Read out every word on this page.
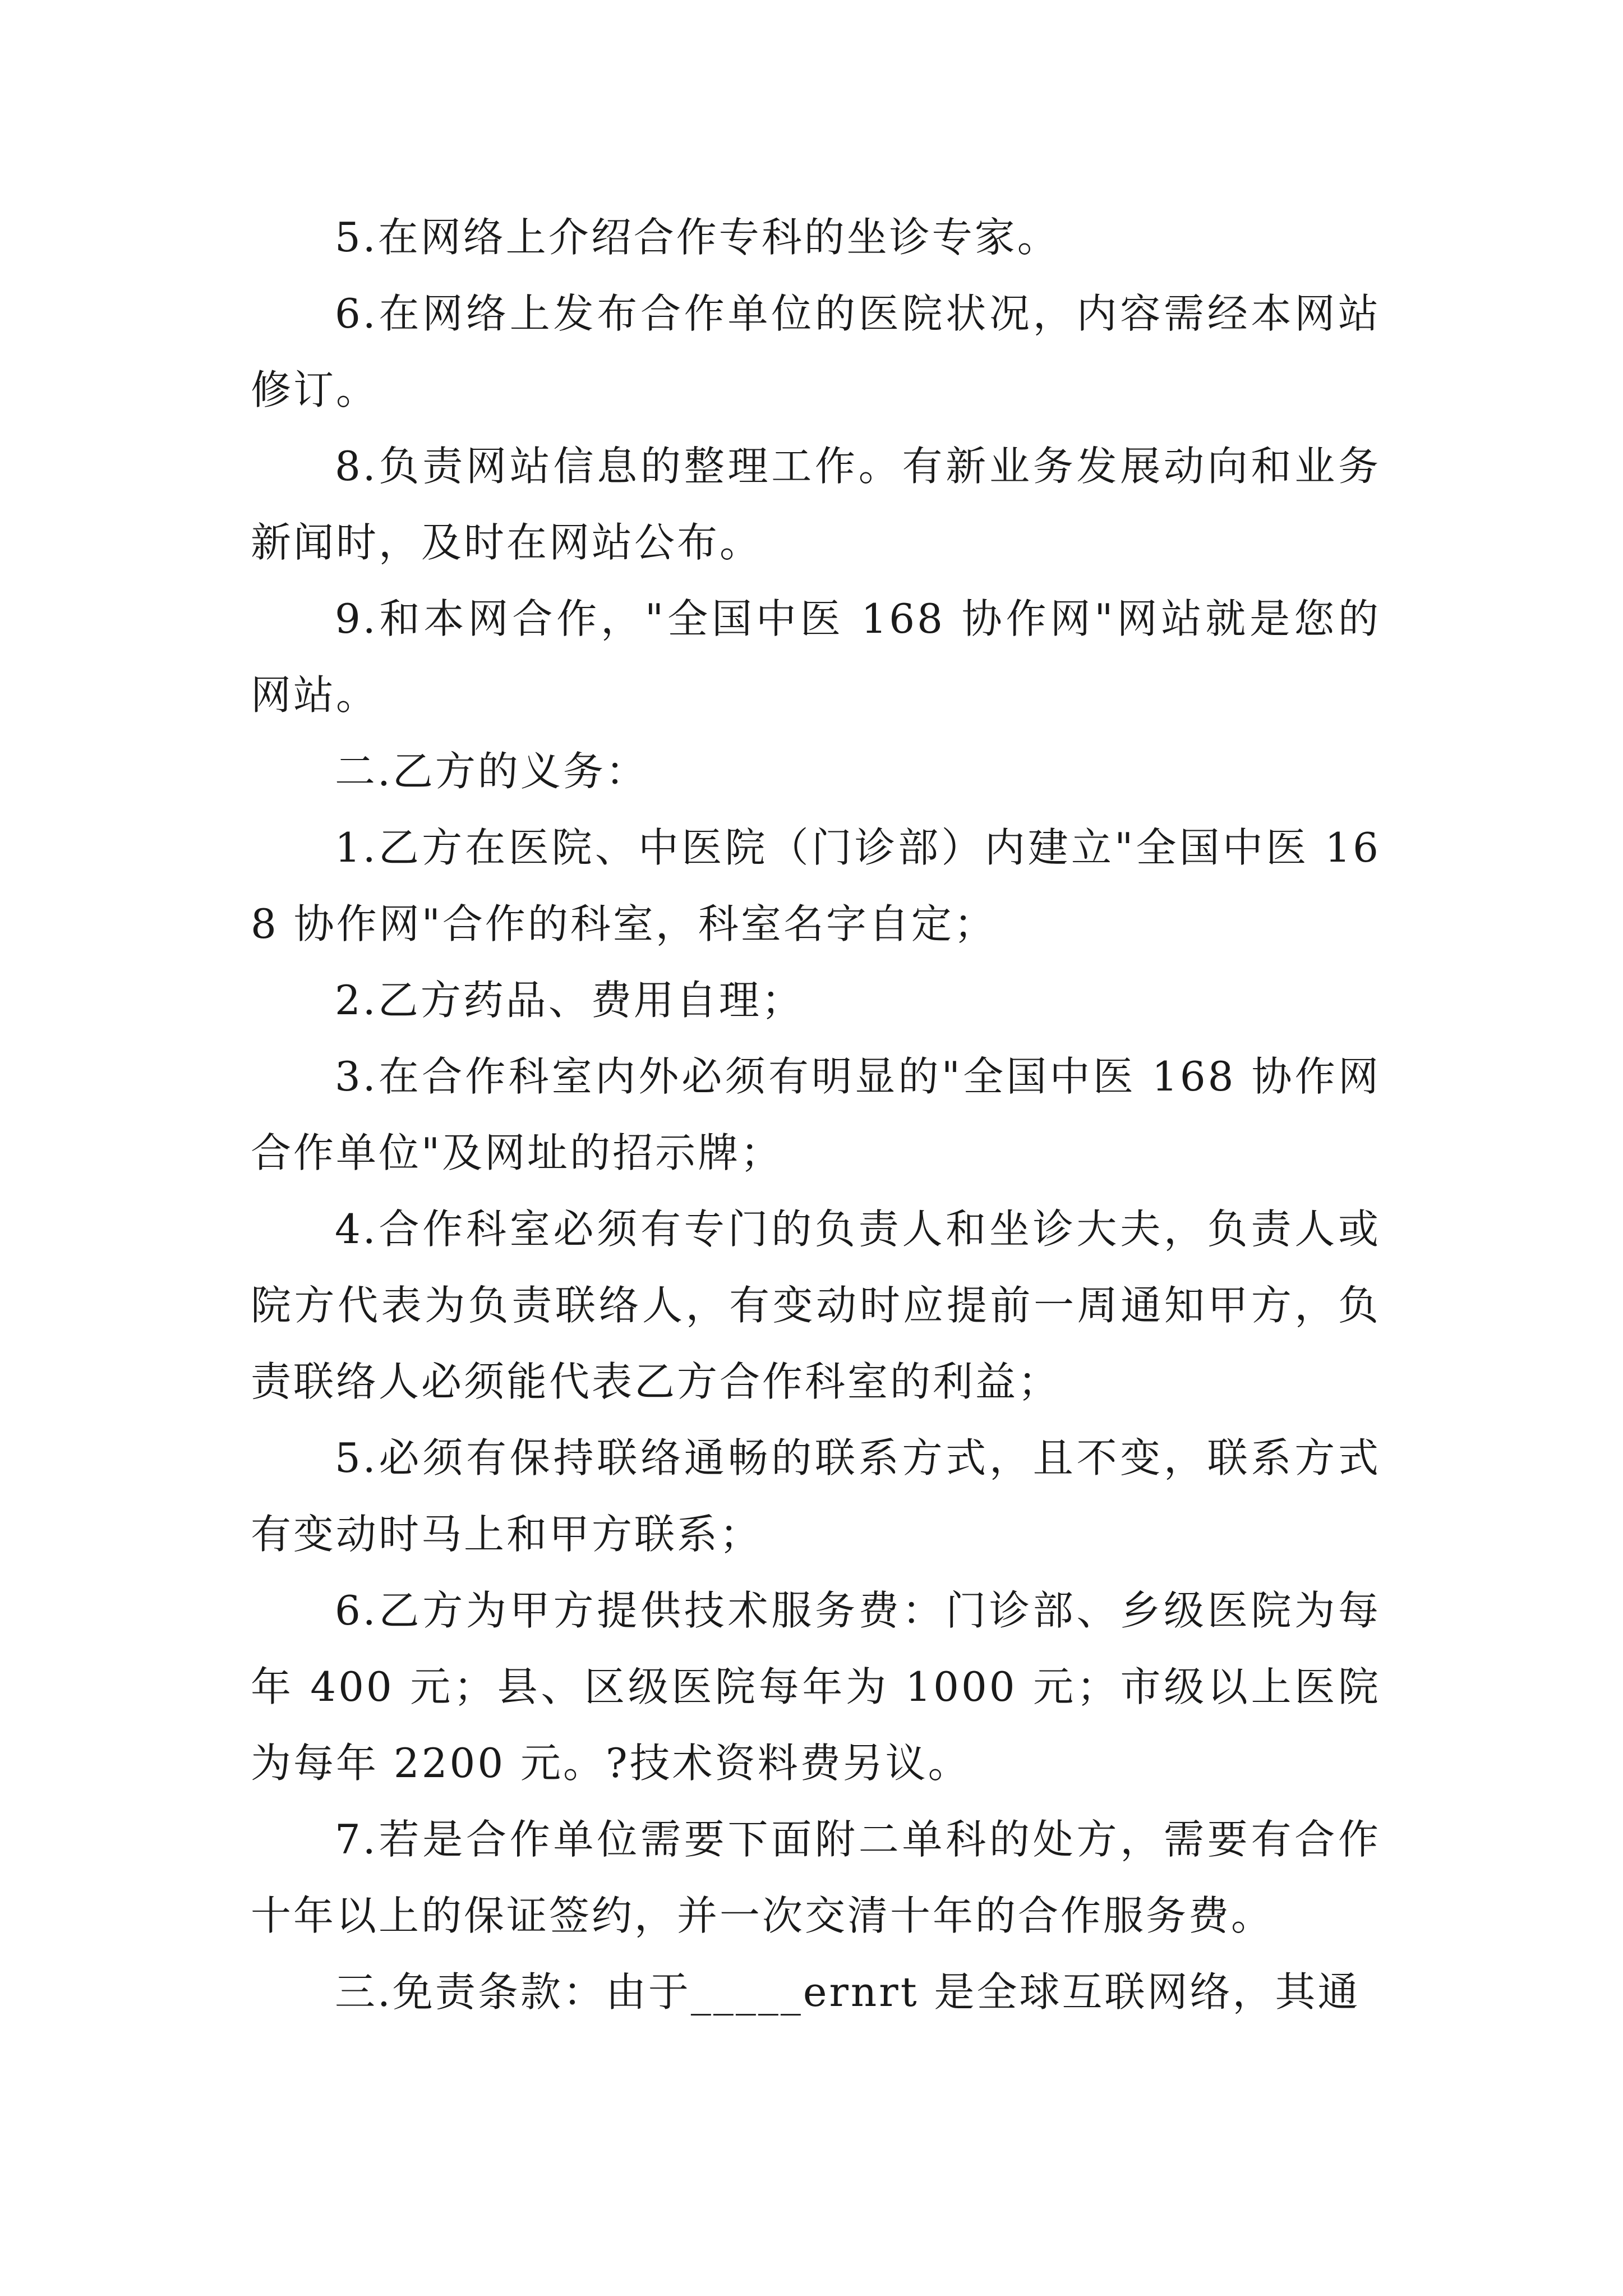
5.在网络上介绍合作专科的坐诊专家。

6.在网络上发布合作单位的医院状况，内容需经本网站修订。

8.负责网站信息的整理工作。有新业务发展动向和业务新闻时，及时在网站公布。

9.和本网合作，"全国中医 168 协作网"网站就是您的网站。

二.乙方的义务：

1.乙方在医院、中医院（门诊部）内建立"全国中医 168 协作网"合作的科室，科室名字自定；

2.乙方药品、费用自理；

3.在合作科室内外必须有明显的"全国中医 168 协作网合作单位"及网址的招示牌；

4.合作科室必须有专门的负责人和坐诊大夫，负责人或院方代表为负责联络人，有变动时应提前一周通知甲方，负责联络人必须能代表乙方合作科室的利益；

5.必须有保持联络通畅的联系方式，且不变，联系方式有变动时马上和甲方联系；

6.乙方为甲方提供技术服务费：门诊部、乡级医院为每年 400 元；县、区级医院每年为 1000 元；市级以上医院为每年 2200 元。?技术资料费另议。

7.若是合作单位需要下面附二单科的处方，需要有合作十年以上的保证签约，并一次交清十年的合作服务费。

三.免责条款：由于_____ernrt 是全球互联网络，其通
